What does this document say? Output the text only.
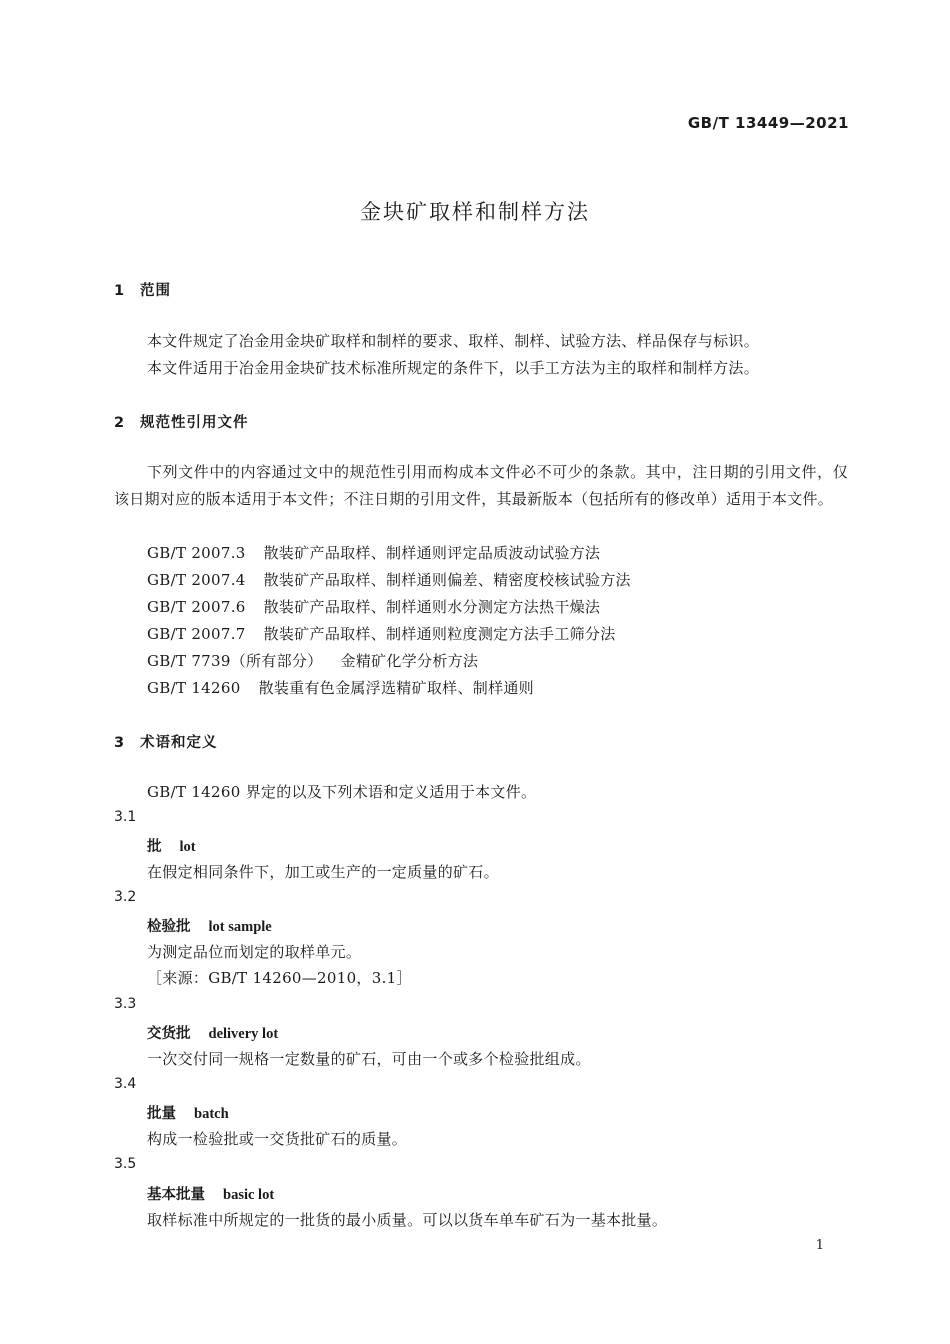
GB/T 13449—2021
金块矿取样和制样方法
1 范围
本文件规定了冶金用金块矿取样和制样的要求、取样、制样、试验方法、样品保存与标识。
本文件适用于冶金用金块矿技术标准所规定的条件下，以手工方法为主的取样和制样方法。
2 规范性引用文件
下列文件中的内容通过文中的规范性引用而构成本文件必不可少的条款。其中，注日期的引用文件，仅该日期对应的版本适用于本文件；不注日期的引用文件，其最新版本（包括所有的修改单）适用于本文件。
GB/T 2007.3 散装矿产品取样、制样通则评定品质波动试验方法
GB/T 2007.4 散装矿产品取样、制样通则偏差、精密度校核试验方法
GB/T 2007.6 散装矿产品取样、制样通则水分测定方法热干燥法
GB/T 2007.7 散装矿产品取样、制样通则粒度测定方法手工筛分法
GB/T 7739（所有部分） 金精矿化学分析方法
GB/T 14260 散装重有色金属浮选精矿取样、制样通则
3 术语和定义
GB/T 14260 界定的以及下列术语和定义适用于本文件。
3.1
批 lot
在假定相同条件下，加工或生产的一定质量的矿石。
3.2
检验批 lot sample
为测定品位而划定的取样单元。
［来源：GB/T 14260—2010，3.1］
3.3
交货批 delivery lot
一次交付同一规格一定数量的矿石，可由一个或多个检验批组成。
3.4
批量 batch
构成一检验批或一交货批矿石的质量。
3.5
基本批量 basic lot
取样标准中所规定的一批货的最小质量。可以以货车单车矿石为一基本批量。
1
